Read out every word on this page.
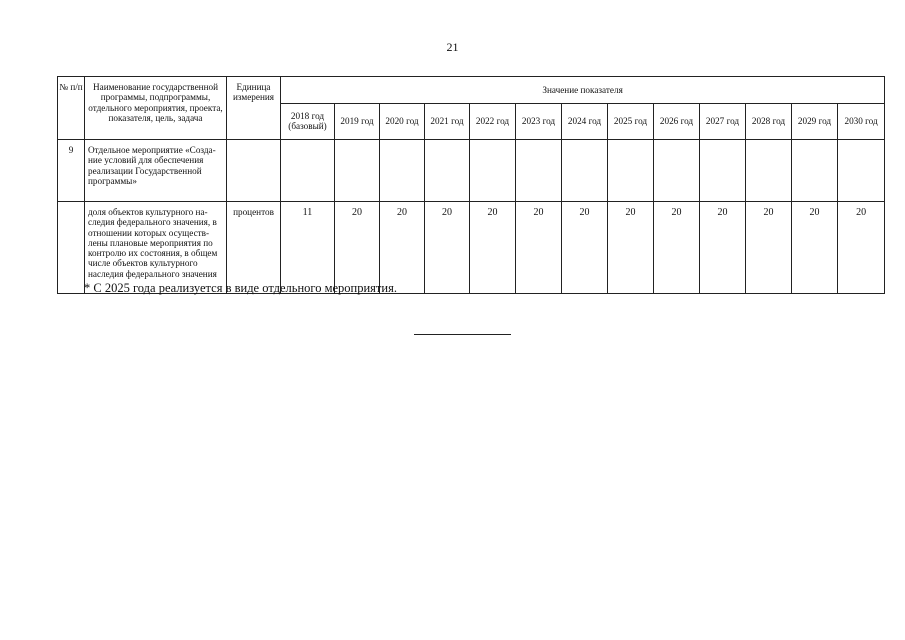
21
№ п/п	Наименование государственной программы, подпрограммы, отдельного мероприятия, проекта, показателя, цель, задача	Единица измерения	Значение показателя												
			2018 год (базовый)	2019 год	2020 год	2021 год	2022 год	2023 год	2024 год	2025 год	2026 год	2027 год	2028 год	2029 год	2030 год
9	Отдельное мероприятие «Созда-ние условий для обеспечения реализации Государственной программы»														
	доля объектов культурного на-следия федерального значения, в отношении которых осуществ-лены плановые мероприятия по контролю их состояния, в общем числе объектов культурного наследия федерального значения	процентов	11	20	20	20	20	20	20	20	20	20	20	20	20
* С 2025 года реализуется в виде отдельного мероприятия.
